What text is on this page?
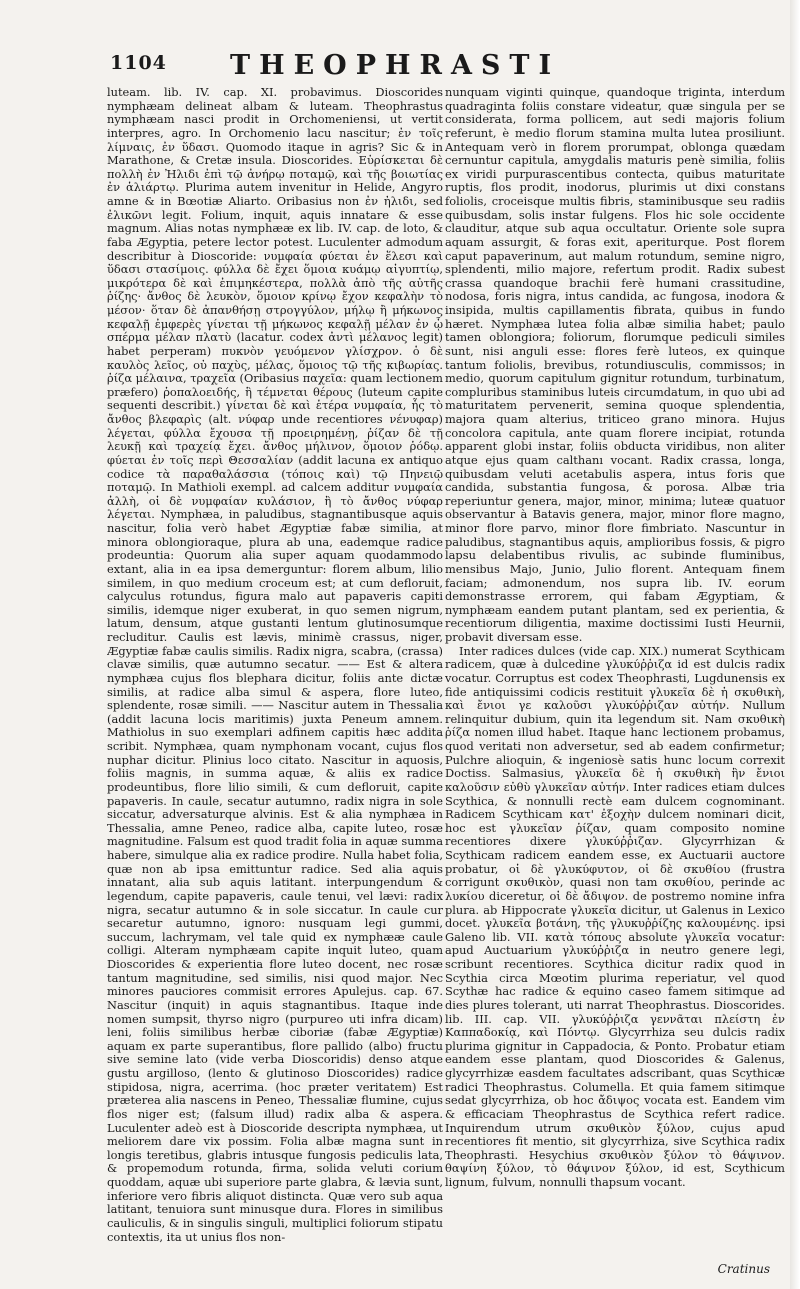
1104 THEOPHRASTI

luteam. lib. IV. cap. XI. probavimus. Dioscorides nymphæam delineat albam & luteam. Theophrastus nymphæam nasci prodit in Orchomeniensi, ut vertit interpres, agro. In Orchomenio lacu nascitur; ἐν τοῖς λίμναις, ἐν ὕδασι. Quomodo itaque in agris? Sic & in Marathone, & Cretæ insula. Dioscorides. Εὑρίσκεται δὲ πολλὴ ἐν Ἠλιδι ἐπὶ τῷ ἀνήρῳ ποταμῷ, καὶ τῆς βοιωτίας ἐν ἁλιάρτῳ. Plurima autem invenitur in Helide, Angyro amne & in Bœotiæ Aliarto. Oribasius non ἐν ἠλιδι, sed ἐλικῶνι legit. Folium, inquit, aquis innatare & esse magnum. Alias notas nymphææ ex lib. IV. cap. de loto, & faba Ægyptia, petere lector potest. Luculenter admodum describitur à Dioscoride: νυμφαία φύεται ἐν ἕλεσι καὶ ὕδασι στασίμοις. φύλλα δὲ ἔχει ὅμοια κυάμῳ αἰγυπτίῳ, μικρότερα δὲ καὶ ἐπιμηκέστερα, πολλὰ ἀπὸ τῆς αὐτῆς ῥίζης· ἄνθος δὲ λευκὸν, ὅμοιον κρίνῳ ἔχον κεφαλὴν τὸ μέσον· ὅταν δὲ ἀπανθήσῃ στρογγύλον, μήλῳ ἢ μήκωνος κεφαλῇ ἐμφερὲς γίνεται τῇ μήκωνος κεφαλῇ μέλαν ἐν ᾧ σπέρμα μέλαν πλατὺ (lacatur. codex ἀντὶ μέλανος legit) habet perperam) πυκνὸν γευόμενον γλίσχρον. ὁ δὲ καυλὸς λεῖος, οὐ παχὺς, μέλας, ὅμοιος τῷ τῆς κιβωρίας. ῥίζα μέλαινα, τραχεῖα (Oribasius παχεῖα: quam lectionem præfero) ῥοπαλοειδής, ἣ τέμνεται θέρους (luteum capite sequenti describit.) γίνεται δὲ καὶ ἑτέρα νυμφαία, ἧς τὸ ἄνθος βλεφαρὶς (alt. νύφαρ unde recentiores νένυφαρ) λέγεται, φύλλα ἔχουσα τῇ προειρημένῃ, ῥίζαν δὲ τῇ λευκῇ καὶ τραχείᾳ ἔχει. ἄνθος μήλινον, ὅμοιον ῥόδῳ. φύεται ἐν τοῖς περὶ Θεσσαλίαν (addit lacuna ex antiquo codice τὰ παραθαλάσσια (τόποις καὶ) τῷ Πηνειῷ ποταμῷ. In Mathioli exempl. ad calcem additur νυμφαία ἀλλὴ, οἱ δὲ νυμφαίαν κυλάσιον, ἢ τὸ ἄνθος νύφαρ λέγεται. Nymphæa, in paludibus, stagnantibusque aquis nascitur, folia verò habet Ægyptiæ fabæ similia, at minora oblongioraque, plura ab una, eademque radice prodeuntia: Quorum alia super aquam quodammodo extant, alia in ea ipsa demerguntur: florem album, lilio similem, in quo medium croceum est; at cum defloruit, calyculus rotundus, figura malo aut papaveris capiti similis, idemque niger exuberat, in quo semen nigrum, latum, densum, atque gustanti lentum glutinosumque recluditur. Caulis est lævis, minimè crassus, niger, Ægyptiæ fabæ caulis similis. Radix nigra, scabra, (crassa) clavæ similis, quæ autumno secatur. —— Est & altera nymphæa cujus flos blephara dicitur, foliis ante dictæ similis, at radice alba simul & aspera, flore luteo, splendente, rosæ simili. —— Nascitur autem in Thessalia (addit lacuna locis maritimis) juxta Peneum amnem. Mathiolus in suo exemplari adfinem capitis hæc addita scribit. Nymphæa, quam nymphonam vocant, cujus flos nuphar dicitur. Plinius loco citato. Nascitur in aquosis, foliis magnis, in summa aquæ, & aliis ex radice prodeuntibus, flore lilio simili, & cum defloruit, capite papaveris. In caule, secatur autumno, radix nigra in sole siccatur, adversaturque alvinis. Est & alia nymphæa in Thessalia, amne Peneo, radice alba, capite luteo, rosæ magnitudine. Falsum est quod tradit folia in aquæ summa habere, simulque alia ex radice prodire. Nulla habet folia, quæ non ab ipsa emittuntur radice. Sed alia aquis innatant, alia sub aquis latitant. interpungendum & legendum, capite papaveris, caule tenui, vel lævi: radix nigra, secatur autumno & in sole siccatur. In caule cur secaretur autumno, ignoro: nusquam legi gummi, succum, lachrymam, vel tale quid ex nymphææ caule colligi. Alteram nymphæam capite inquit luteo, quam Dioscorides & experientia flore luteo docent, nec rosæ tantum magnitudine, sed similis, nisi quod major. Nec minores pauciores commisit errores Apulejus. cap. 67. Nascitur (inquit) in aquis stagnantibus. Itaque inde nomen sumpsit, thyrso nigro (purpureo uti infra dicam) leni, foliis similibus herbæ ciboriæ (fabæ Ægyptiæ) aquam ex parte superantibus, flore pallido (albo) fructu sive semine lato (vide verba Dioscoridis) denso atque gustu argilloso, (lento & glutinoso Dioscorides) radice stipidosa, nigra, acerrima. (hoc præter veritatem) Est præterea alia nascens in Peneo, Thessaliæ flumine, cujus flos niger est; (falsum illud) radix alba & aspera. Luculenter adeò est à Dioscoride descripta nymphæa, ut meliorem dare vix possim. Folia albæ magna sunt in longis teretibus, glabris intusque fungosis pediculis lata, & propemodum rotunda, firma, solida veluti corium quoddam, aquæ ubi superiore parte glabra, & lævia sunt, inferiore vero fibris aliquot distincta. Quæ vero sub aqua latitant, tenuiora sunt minusque dura. Flores in similibus cauliculis, & in singulis singuli, multiplici foliorum stipatu contextis, ita ut unius flos non-

nunquam viginti quinque, quandoque triginta, interdum quadraginta foliis constare videatur, quæ singula per se considerata, forma pollicem, aut sedi majoris folium referunt, è medio florum stamina multa lutea prosiliunt. Antequam verò in florem prorumpat, oblonga quædam cernuntur capitula, amygdalis maturis penè similia, foliis ex viridi purpurascentibus contecta, quibus maturitate ruptis, flos prodit, inodorus, plurimis ut dixi constans foliolis, croceisque multis fibris, staminibusque seu radiis quibusdam, solis instar fulgens. Flos hic sole occidente clauditur, atque sub aqua occultatur. Oriente sole supra aquam assurgit, & foras exit, aperiturque. Post florem caput papaverinum, aut malum rotundum, semine nigro, splendenti, milio majore, refertum prodit. Radix subest crassa quandoque brachii ferè humani crassitudine, nodosa, foris nigra, intus candida, ac fungosa, inodora & insipida, multis capillamentis fibrata, quibus in fundo hæret. Nymphæa lutea folia albæ similia habet; paulo tamen oblongiora; foliorum, florumque pediculi similes sunt, nisi anguli esse: flores ferè luteos, ex quinque tantum foliolis, brevibus, rotundiusculis, commissos; in medio, quorum capitulum gignitur rotundum, turbinatum, compluribus staminibus luteis circumdatum, in quo ubi ad maturitatem pervenerit, semina quoque splendentia, majora quam alterius, triticeo grano minora. Hujus concolora capitula, ante quam florere incipiat, rotunda apparent globi instar, foliis obducta viridibus, non aliter atque ejus quam calthanı vocant. Radix crassa, longa, quibusdam veluti acetabulis aspera, intus foris que candida, substantia fungosa, & porosa. Albæ tria reperiuntur genera, major, minor, minima; luteæ quatuor observantur à Batavis genera, major, minor flore magno, minor flore parvo, minor flore fimbriato. Nascuntur in paludibus, stagnantibus aquis, amplioribus fossis, & pigro lapsu delabentibus rivulis, ac subinde fluminibus, mensibus Majo, Junio, Julio florent. Antequam finem faciam; admonendum, nos supra lib. IV. eorum demonstrasse errorem, qui fabam Ægyptiam, & nymphæam eandem putant plantam, sed ex perientia, & recentiorum diligentia, maxime doctissimi Iusti Heurnii, probavit diversam esse.

Inter radices dulces (vide cap. XIX.) numerat Scythicam radicem, quæ à dulcedine γλυκύῤῥιζα id est dulcis radix vocatur. Corruptus est codex Theophrasti, Lugdunensis ex fide antiquissimi codicis restituit γλυκεῖα δὲ ἡ σκυθικὴ, καὶ ἔνιοι γε καλοῦσι γλυκύῤῥιζαν αὐτήν. Nullum relinquitur dubium, quin ita legendum sit. Nam σκυθικὴ ῥίζα nomen illud habet. Itaque hanc lectionem probamus, quod veritati non adversetur, sed ab eadem confirmetur; Pulchre alioquin, & ingeniosè satis hunc locum correxit Doctiss. Salmasius, γλυκεῖα δὲ ἡ σκυθικὴ ἣν ἔνιοι καλοῦσιν εὐθὺ γλυκεῖαν αὐτήν. Inter radices etiam dulces Scythica, & nonnulli rectè eam dulcem cognominant. Radicem Scythicam κατ' ἐξοχὴν dulcem nominari dicit, hoc est γλυκεῖαν ῥίζαν, quam composito nomine recentiores dixere γλυκύῤῥιζαν. Glycyrrhizan & Scythicam radicem eandem esse, ex Auctuarii auctore probatur, οἱ δὲ γλυκύφυτον, οἱ δὲ σκυθίου (frustra corrigunt σκυθικὸν, quasi non tam σκυθίου, perinde ac λυκίου diceretur, οἱ δὲ ἄδιψον. de postremo nomine infra plura. ab Hippocrate γλυκεῖα dicitur, ut Galenus in Lexico docet. γλυκεῖα βοτάνη, τῆς γλυκυῤῥίζης καλουμένης. ipsi Galeno lib. VII. κατὰ τόπους absolute γλυκεῖα vocatur: apud Auctuarium γλυκύῤῥιζα in neutro genere legi, scribunt recentiores. Scythica dicitur radix quod in Scythia circa Mœotim plurima reperiatur, vel quod Scythæ hac radice & equino caseo famem sitimque ad dies plures tolerant, uti narrat Theophrastus. Dioscorides. lib. III. cap. VII. γλυκύῤῥιζα γεννᾶται πλείστη ἐν Καππαδοκίᾳ, καὶ Πόντῳ. Glycyrrhiza seu dulcis radix plurima gignitur in Cappadocia, & Ponto. Probatur etiam eandem esse plantam, quod Dioscorides & Galenus, glycyrrhizæ easdem facultates adscribant, quas Scythicæ radici Theophrastus. Columella. Et quia famem sitimque sedat glycyrrhiza, ob hoc ἄδιψος vocata est. Eandem vim & efficaciam Theophrastus de Scythica refert radice. Inquirendum utrum σκυθικὸν ξύλον, cujus apud recentiores fit mentio, sit glycyrrhiza, sive Scythica radix Theophrasti. Hesychius σκυθικὸν ξύλον τὸ θάψινον. θαψίνη ξύλον, τὸ θάψινον ξύλον, id est, Scythicum lignum, fulvum, nonnulli thapsum vocant.

Cratinus
